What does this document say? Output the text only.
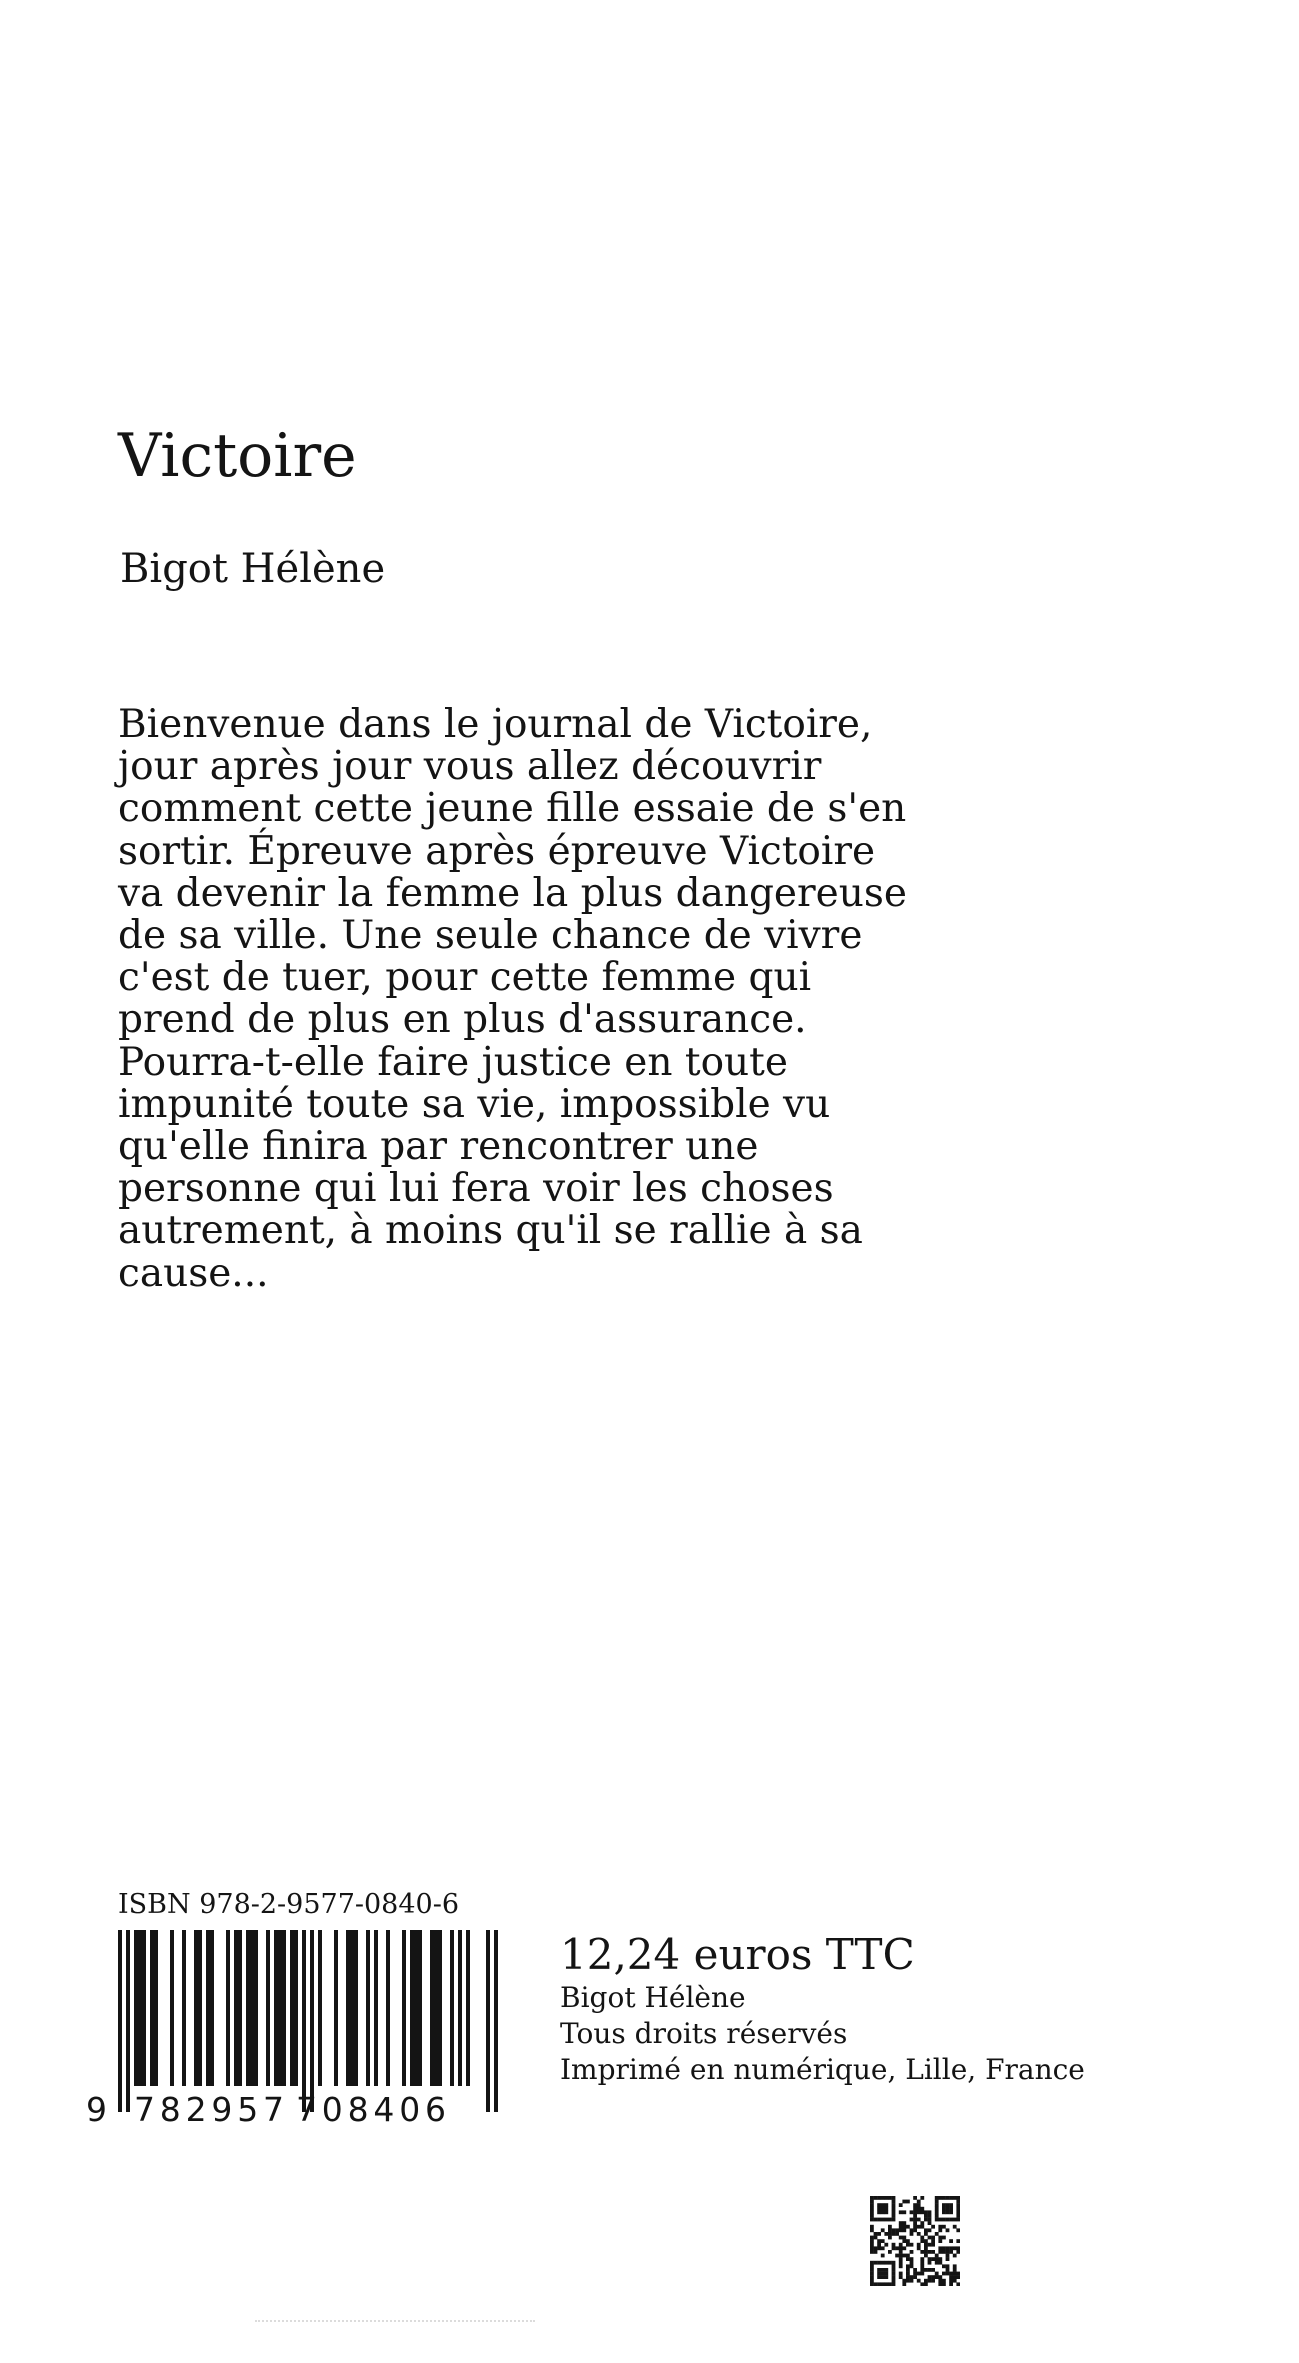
Victoire
Bigot Hélène
Bienvenue dans le journal de Victoire,
jour après jour vous allez découvrir
comment cette jeune fille essaie de s'en
sortir. Épreuve après épreuve Victoire
va devenir la femme la plus dangereuse
de sa ville. Une seule chance de vivre
c'est de tuer, pour cette femme qui
prend de plus en plus d'assurance.
Pourra-t-elle faire justice en toute
impunité toute sa vie, impossible vu
qu'elle finira par rencontrer une
personne qui lui fera voir les choses
autrement, à moins qu'il se rallie à sa
cause...
ISBN 978-2-9577-0840-6
9 782957 708406
12,24 euros TTC
Bigot Hélène
Tous droits réservés
Imprimé en numérique, Lille, France
